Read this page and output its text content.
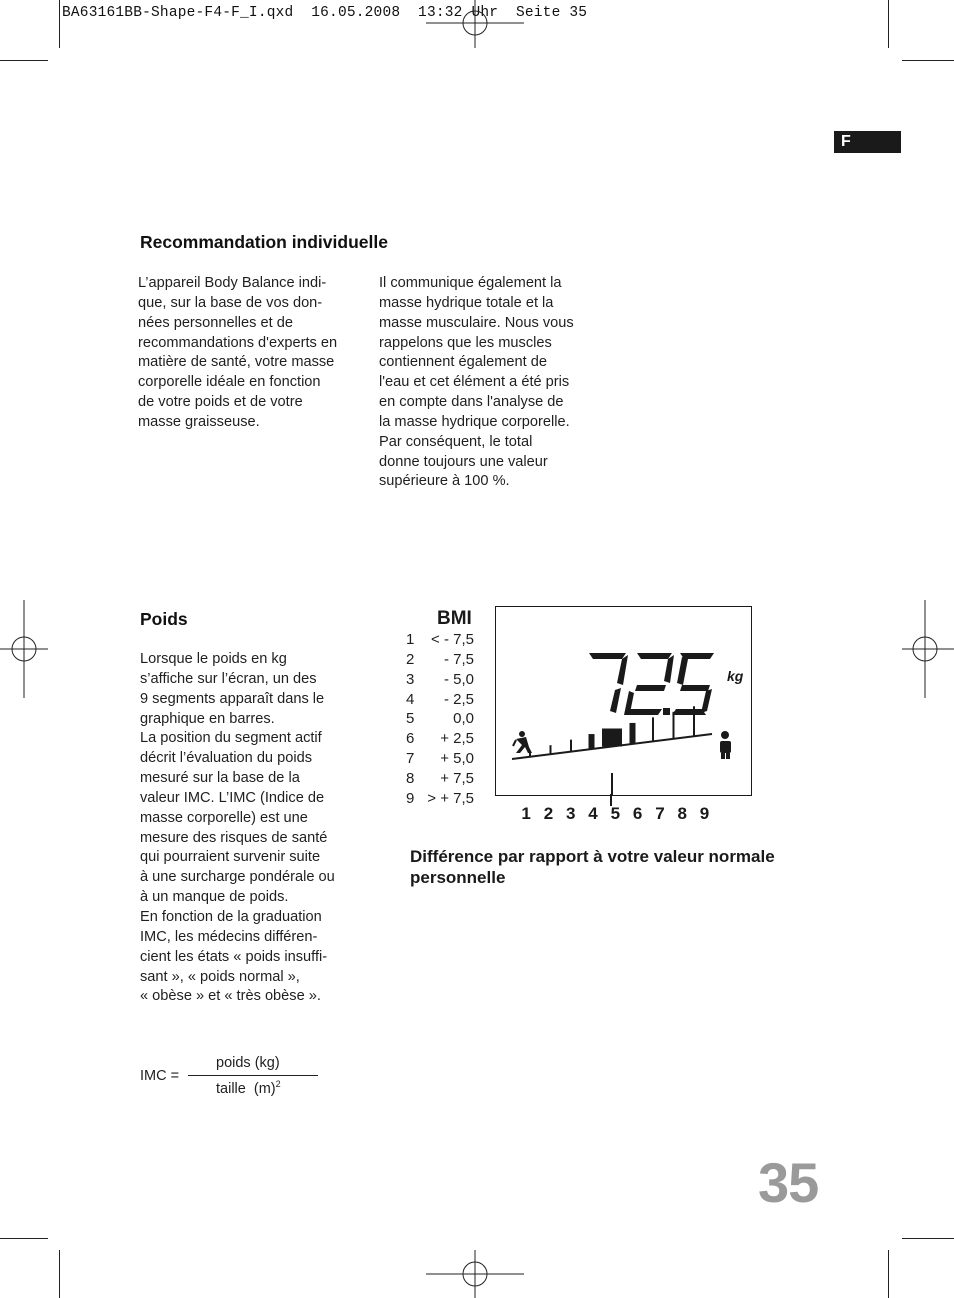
BA63161BB-Shape-F4-F_I.qxd  16.05.2008  13:32 Uhr  Seite 35
F
Recommandation individuelle
L’appareil Body Balance indi-
que, sur la base de vos don-
nées personnelles et de
recommandations d'experts en
matière de santé, votre masse
corporelle idéale en fonction
de votre poids et de votre
masse graisseuse.
Il communique également la
masse hydrique totale et la
masse musculaire. Nous vous
rappelons que les muscles
contiennent également de
l'eau et cet élément a été pris
en compte dans l'analyse de
la masse hydrique corporelle.
Par conséquent, le total
donne toujours une valeur
supérieure à 100 %.
Poids
Lorsque le poids en kg
s’affiche sur l’écran, un des
9 segments apparaît dans le
graphique en barres.
La position du segment actif
décrit l’évaluation du poids
mesuré sur la base de la
valeur IMC. L’IMC (Indice de
masse corporelle) est une
mesure des risques de santé
qui pourraient survenir suite
à une surcharge pondérale ou
à un manque de poids.
En fonction de la graduation
IMC, les médecins différen-
cient les états « poids insuffi-
sant », « poids normal »,
« obèse » et « très obèse ».
BMI
1	< - 7,5
2	- 7,5
3	- 5,0
4	- 2,5
5	0,0
6	+ 2,5
7	+ 5,0
8	+ 7,5
9 > + 7,5
kg
1 2 3 4 5 6 7 8 9
Différence par rapport à votre valeur normale personnelle
IMC =
poids (kg)
taille  $(m)^2$
35
